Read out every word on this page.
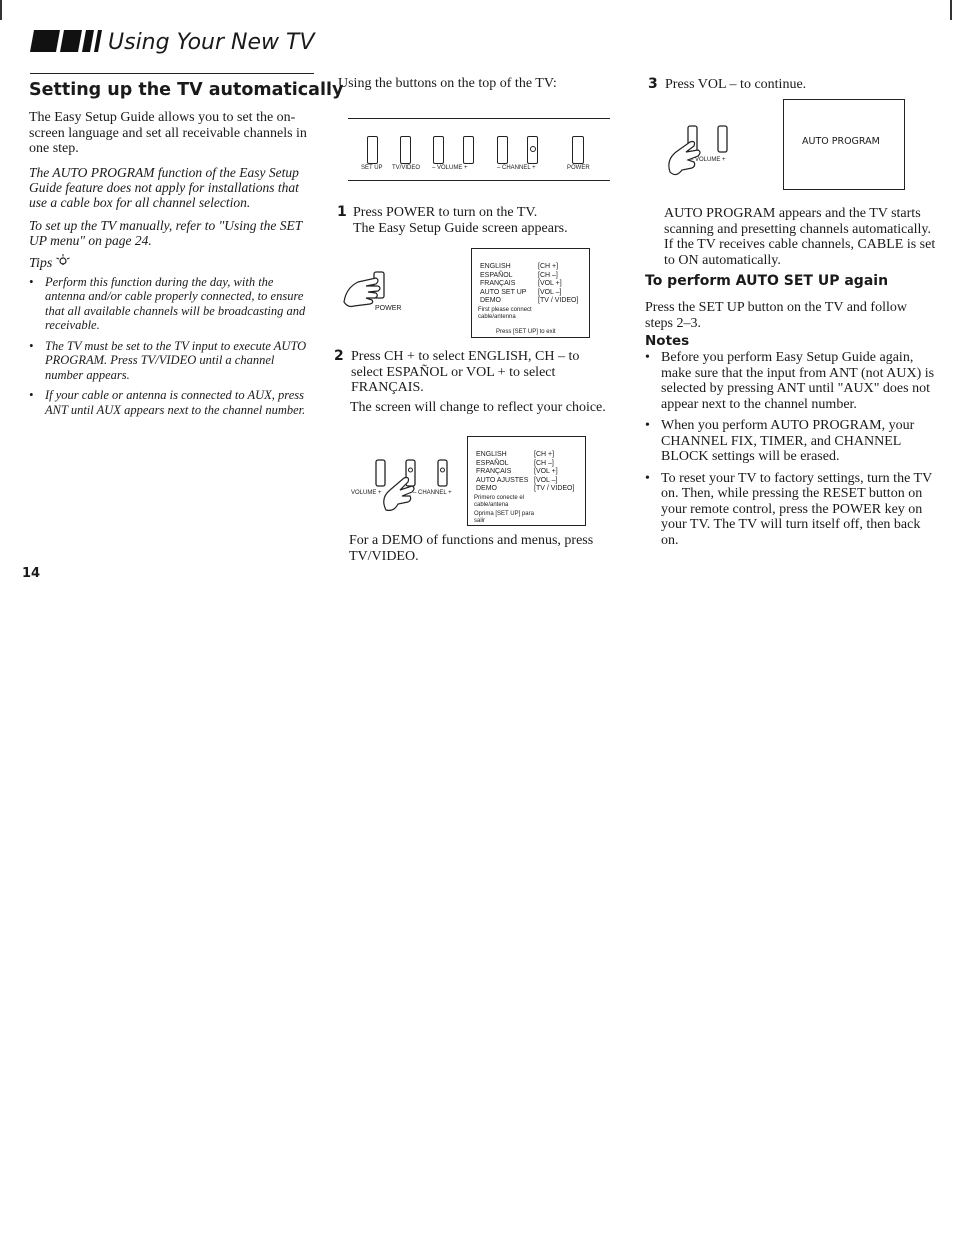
Using Your New TV
Setting up the TV automatically

The Easy Setup Guide allows you to set the on-screen language and set all receivable channels in one step.

The AUTO PROGRAM function of the Easy Setup Guide feature does not apply for installations that use a cable box for all channel selection.

To set up the TV manually, refer to "Using the SET UP menu" on page 24.

Tips
• Perform this function during the day, with the antenna and/or cable properly connected, to ensure that all available channels will be broadcasting and receivable.
• The TV must be set to the TV input to execute AUTO PROGRAM. Press TV/VIDEO until a channel number appears.
• If your cable or antenna is connected to AUX, press ANT until AUX appears next to the channel number.
14

Using the buttons on the top of the TV:

SET UP TV/VIDEO – VOLUME +	– CHANNEL +	POWER
1 Press POWER to turn on the TV.

The Easy Setup Guide screen appears.

POWER
ENGLISH	[CH +]
ESPAÑOL	[CH –]
FRANÇAIS	[VOL +]
AUTO SET UP	[VOL –]
DEMO	[TV / VIDEO]
First please connect cable/antenna
Press [SET UP] to exit
2 Press CH + to select ENGLISH, CH – to select ESPAÑOL or VOL + to select FRANÇAIS.

The screen will change to reflect your choice.

VOLUME +	– CHANNEL +
ENGLISH	[CH +]
ESPAÑOL	[CH –]
FRANÇAIS	[VOL +]
AUTO AJUSTES [VOL –]
DEMO	[TV / VIDEO]
Primero conecte el cable/antena
Oprima [SET UP] para salir

For a DEMO of functions and menus, press TV/VIDEO.

3 Press VOL – to continue.

– VOLUME +
AUTO PROGRAM

AUTO PROGRAM appears and the TV starts scanning and presetting channels automatically. If the TV receives cable channels, CABLE is set to ON automatically.

To perform AUTO SET UP again

Press the SET UP button on the TV and follow steps 2–3.

Notes
• Before you perform Easy Setup Guide again, make sure that the input from ANT (not AUX) is selected by pressing ANT until "AUX" does not appear next to the channel number.
• When you perform AUTO PROGRAM, your CHANNEL FIX, TIMER, and CHANNEL BLOCK settings will be erased.
• To reset your TV to factory settings, turn the TV on. Then, while pressing the RESET button on your remote control, press the POWER key on your TV. The TV will turn itself off, then back on.
